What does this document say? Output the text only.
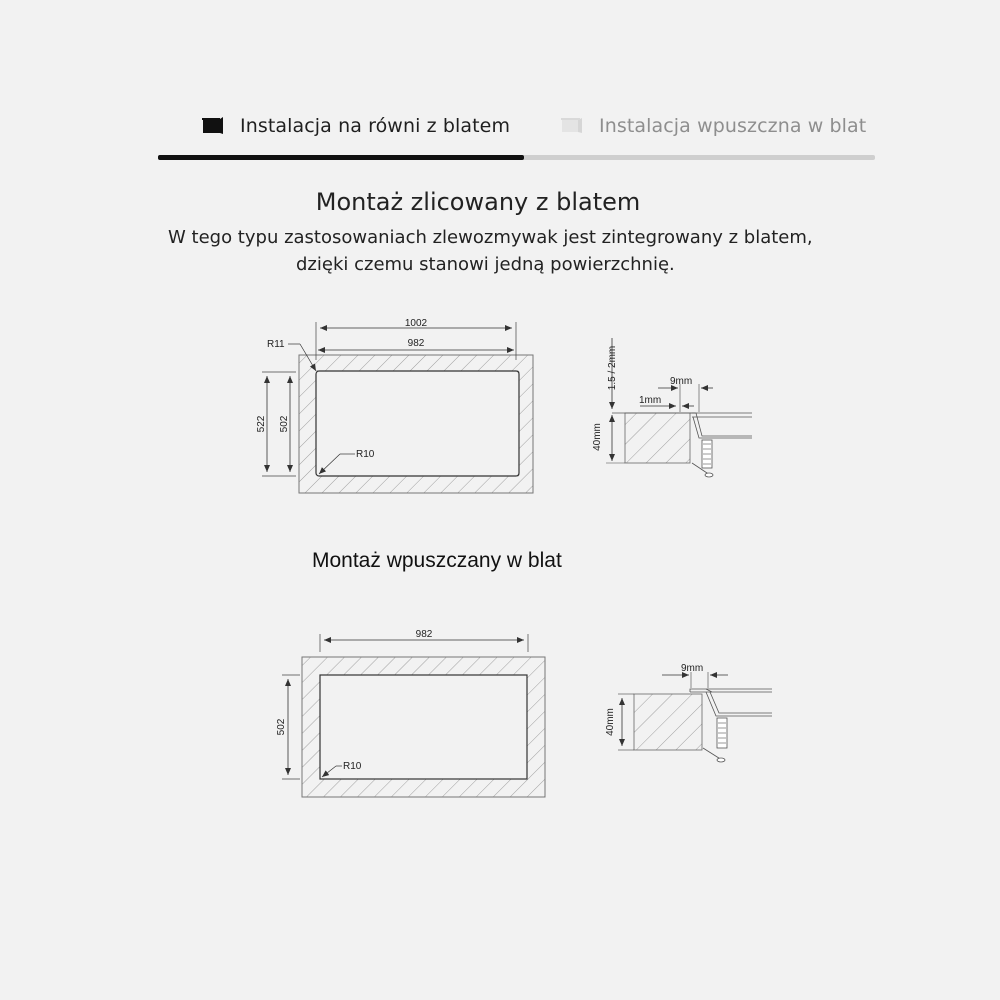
Instalacja na równi z blatem	Instalacja wpuszczna w blat
Montaż zlicowany z blatem
W tego typu zastosowaniach zlewozmywak jest zintegrowany z blatem,
dzięki czemu stanowi jedną powierzchnię.
Montaż wpuszczany w blat
1002
982
522 502
R11
R10
1.5 / 2mm
40mm
9mm
1mm
982
502
R10
40mm
9mm
